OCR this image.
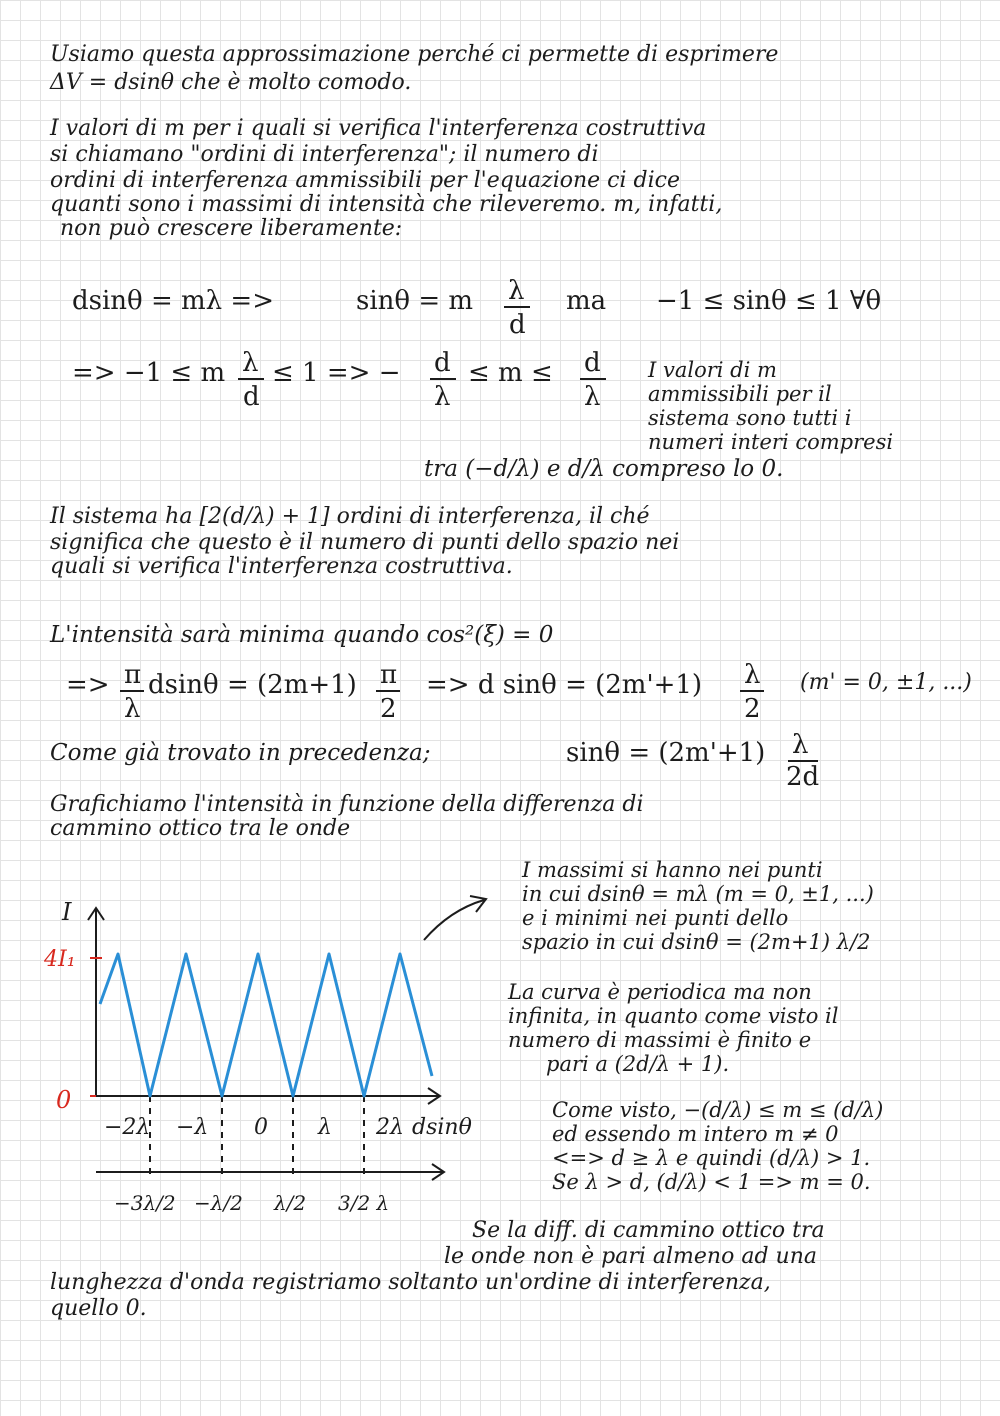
Usiamo questa approssimazione perché ci permette di esprimere
ΔV = dsinθ che è molto comodo.
I valori di m per i quali si verifica l'interferenza costruttiva
si chiamano "ordini di interferenza"; il numero di
ordini di interferenza ammissibili per l'equazione ci dice
quanti sono i massimi di intensità che rileveremo. m, infatti,
non può crescere liberamente:
dsinθ = mλ =>	sinθ = m λ
d
ma −1 ≤ sinθ ≤ 1 ∀θ
=> −1 ≤ m λ
d
≤ 1 => − d
λ
≤ m ≤ d
λ
I valori di m
ammissibili per il
sistema sono tutti i
numeri interi compresi
tra (−d/λ) e d/λ compreso lo 0.
Il sistema ha [2(d/λ) + 1] ordini di interferenza, il ché
significa che questo è il numero di punti dello spazio nei
quali si verifica l'interferenza costruttiva.
L'intensità sarà minima quando cos²(ξ) = 0
=> π
λ
dsinθ = (2m+1) π
2
=> d sinθ = (2m'+1) λ
2
(m' = 0, ±1, ...)
Come già trovato in precedenza;	sinθ = (2m'+1) λ
2d
Grafichiamo l'intensità in funzione della differenza di
cammino ottico tra le onde
I
4I₁
0
dsinθ
−2λ −λ 0 λ 2λ
−3λ/2 −λ/2 λ/2 3/2 λ
I massimi si hanno nei punti
in cui dsinθ = mλ (m = 0, ±1, ...)
e i minimi nei punti dello
spazio in cui dsinθ = (2m+1) λ/2
La curva è periodica ma non
infinita, in quanto come visto il
numero di massimi è finito e
pari a (2d/λ + 1).
Come visto, −(d/λ) ≤ m ≤ (d/λ)
ed essendo m intero m ≠ 0
<=> d ≥ λ e quindi (d/λ) > 1.
Se λ > d, (d/λ) < 1 => m = 0.
Se la diff. di cammino ottico tra
le onde non è pari almeno ad una
lunghezza d'onda registriamo soltanto un'ordine di interferenza,
quello 0.
